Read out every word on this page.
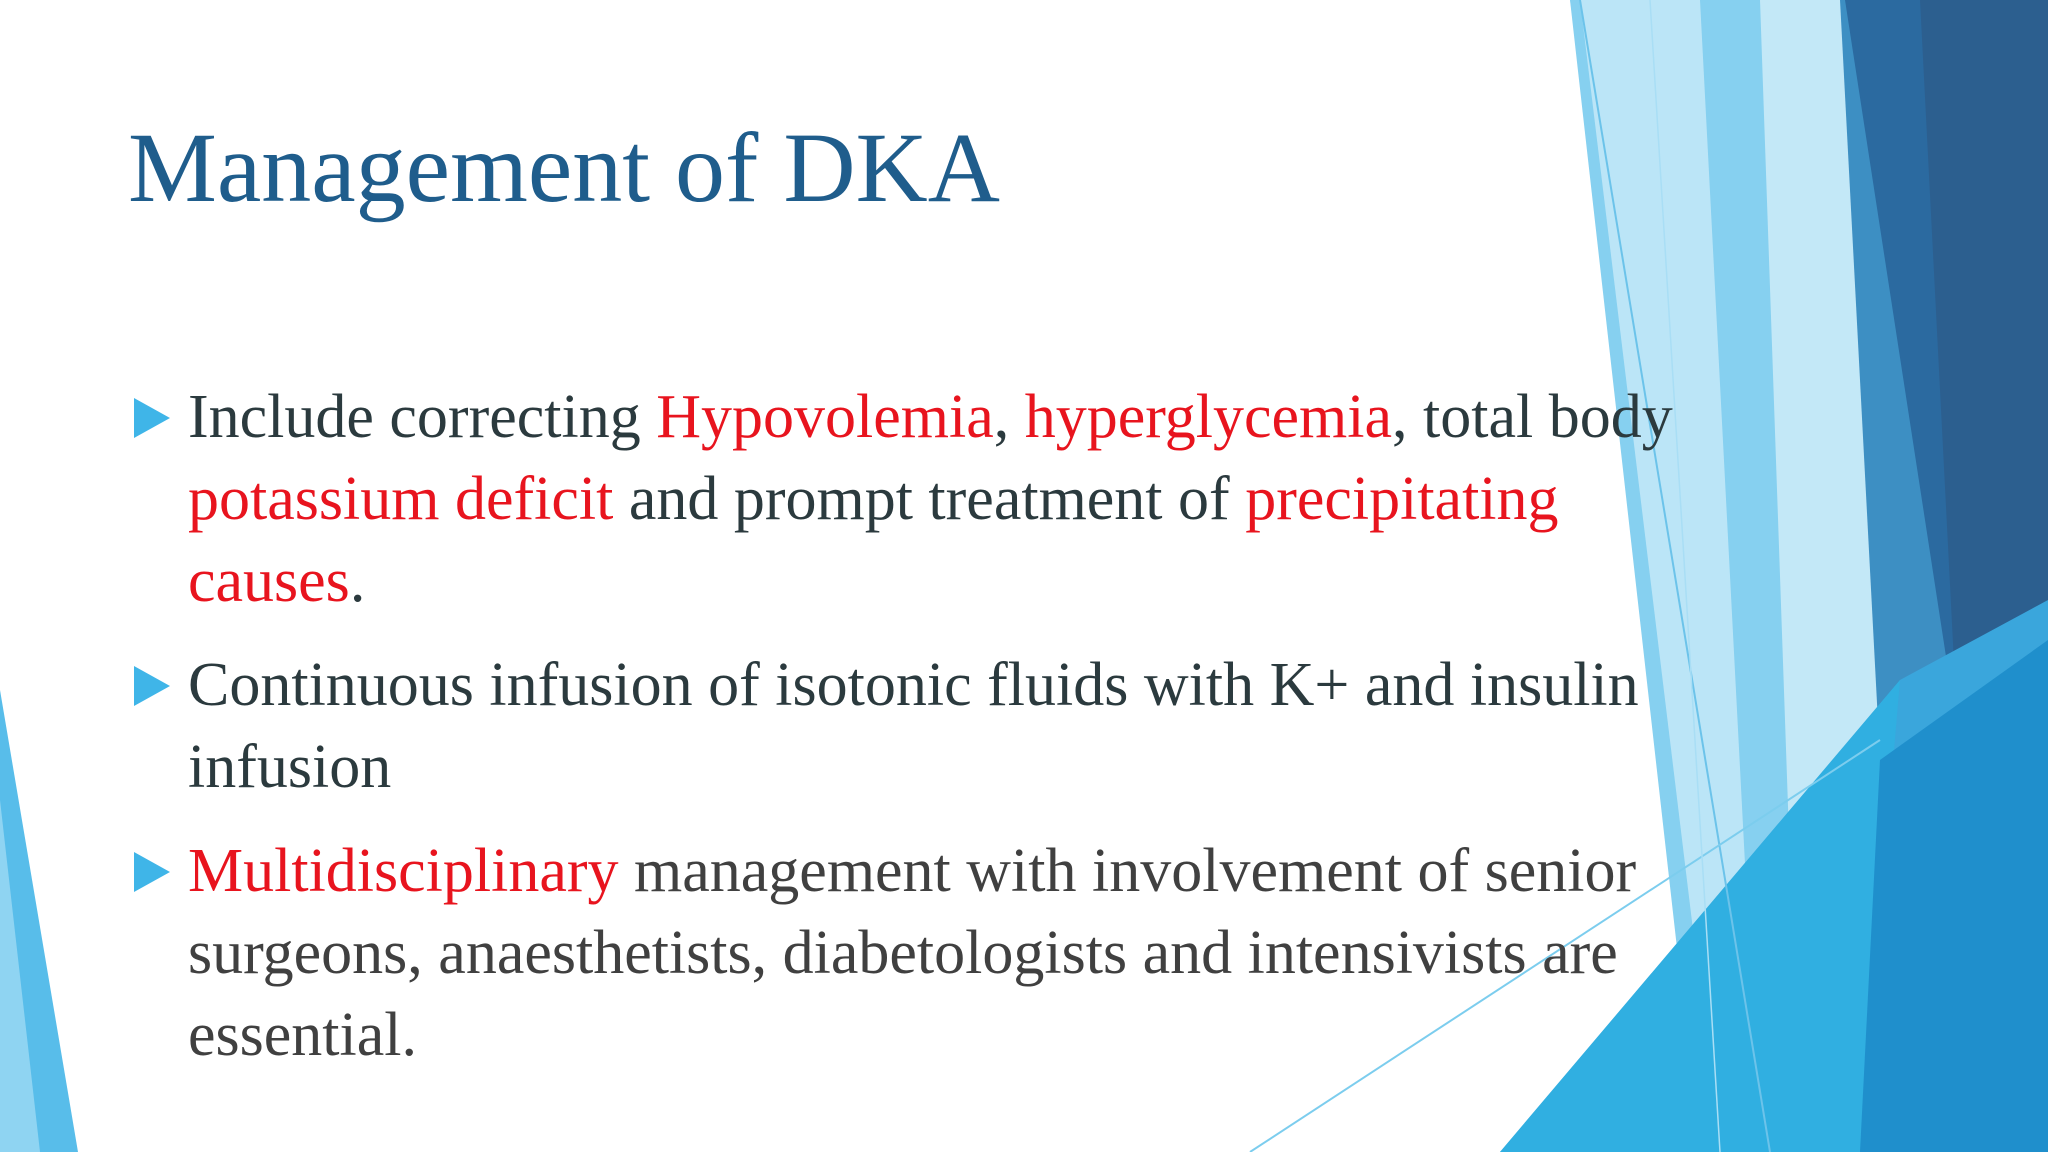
Management of DKA
Include correcting Hypovolemia, hyperglycemia, total body potassium deficit and prompt treatment of precipitating causes.
Continuous infusion of isotonic fluids with K+ and insulin infusion
Multidisciplinary management with involvement of senior surgeons, anaesthetists, diabetologists and intensivists are essential.
